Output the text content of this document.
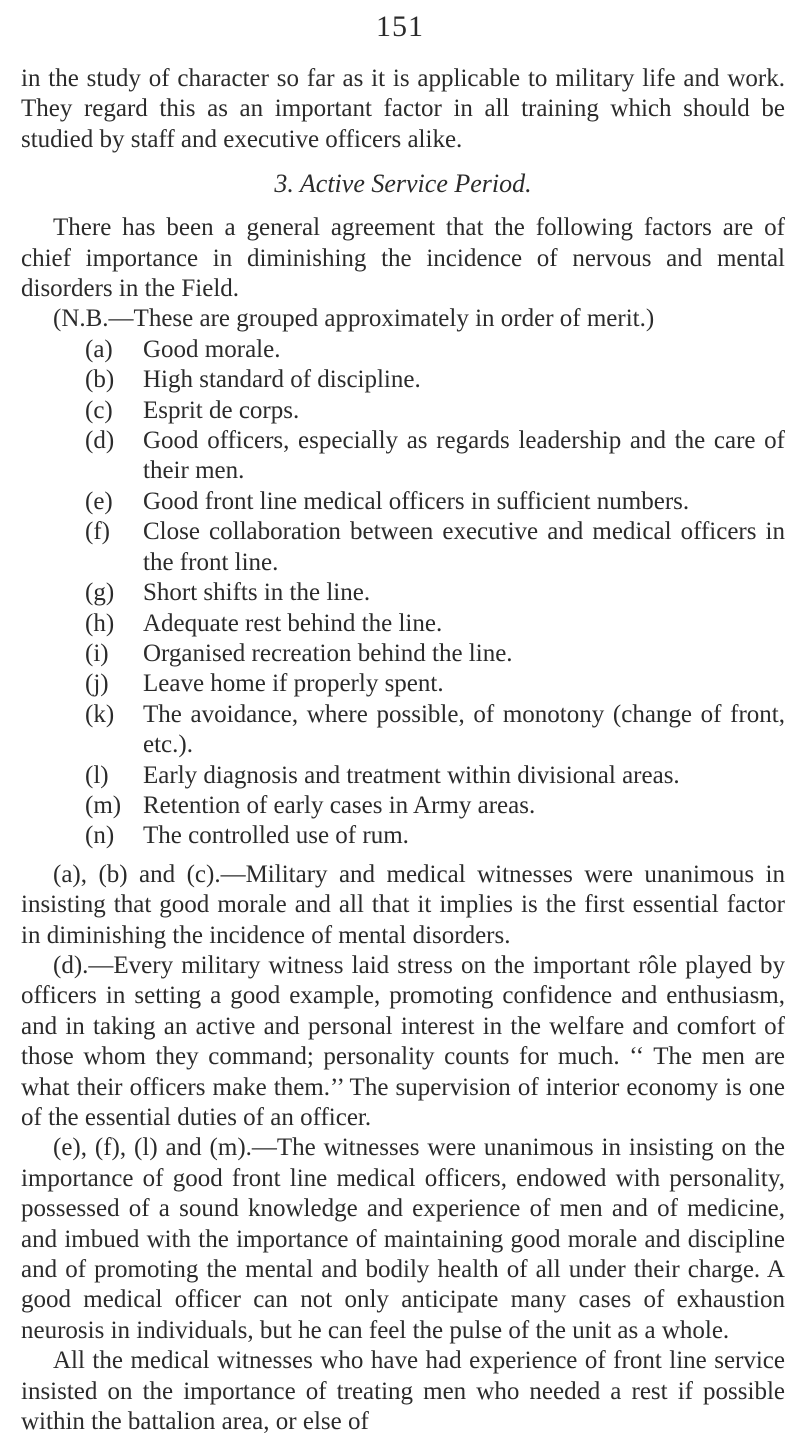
151

in the study of character so far as it is applicable to military life and work. They regard this as an important factor in all training which should be studied by staff and executive officers alike.

3. Active Service Period.

There has been a general agreement that the following factors are of chief importance in diminishing the incidence of nervous and mental disorders in the Field.

(N.B.—These are grouped approximately in order of merit.)

(a)	Good morale.
(b)	High standard of discipline.
(c)	Esprit de corps.
(d)	Good officers, especially as regards leadership and the care of their men.
(e)	Good front line medical officers in sufficient numbers.
(f)	Close collaboration between executive and medical officers in the front line.
(g)	Short shifts in the line.
(h)	Adequate rest behind the line.
(i)	Organised recreation behind the line.
(j)	Leave home if properly spent.
(k)	The avoidance, where possible, of monotony (change of front, etc.).
(l)	Early diagnosis and treatment within divisional areas.
(m) Retention of early cases in Army areas.
(n)	The controlled use of rum.

(a), (b) and (c).—Military and medical witnesses were unanimous in insisting that good morale and all that it implies is the first essential factor in diminishing the incidence of mental disorders.

(d).—Every military witness laid stress on the important rôle played by officers in setting a good example, promoting confidence and enthusiasm, and in taking an active and personal interest in the welfare and comfort of those whom they command; personality counts for much. ‘‘ The men are what their officers make them.’’ The supervision of interior economy is one of the essential duties of an officer.

(e), (f), (l) and (m).—The witnesses were unanimous in insisting on the importance of good front line medical officers, endowed with personality, possessed of a sound knowledge and experience of men and of medicine, and imbued with the importance of maintaining good morale and discipline and of promoting the mental and bodily health of all under their charge. A good medical officer can not only anticipate many cases of exhaustion neurosis in individuals, but he can feel the pulse of the unit as a whole.

All the medical witnesses who have had experience of front line service insisted on the importance of treating men who needed a rest if possible within the battalion area, or else of
